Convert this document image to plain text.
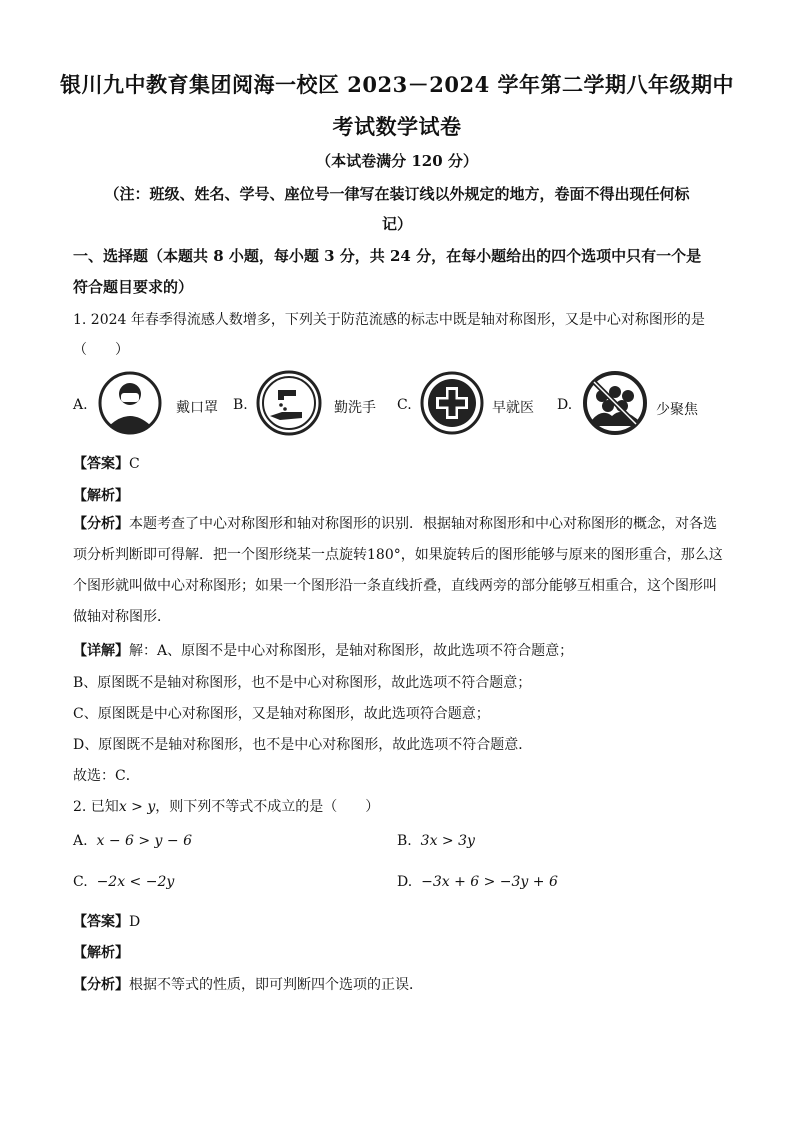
银川九中教育集团阅海一校区 2023－2024 学年第二学期八年级期中
考试数学试卷
（本试卷满分 120 分）
（注：班级、姓名、学号、座位号一律写在装订线以外规定的地方，卷面不得出现任何标
记）
一、选择题（本题共 8 小题，每小题 3 分，共 24 分，在每小题给出的四个选项中只有一个是
符合题目要求的）
1. 2024 年春季得流感人数增多，下列关于防范流感的标志中既是轴对称图形，又是中心对称图形的是
（　　）
A.	戴口罩 B.	勤洗手 C.	早就医 D.	少聚焦
【答案】C
【解析】
【分析】本题考查了中心对称图形和轴对称图形的识别．根据轴对称图形和中心对称图形的概念，对各选项分析判断即可得解．把一个图形绕某一点旋转180°，如果旋转后的图形能够与原来的图形重合，那么这个图形就叫做中心对称图形；如果一个图形沿一条直线折叠，直线两旁的部分能够互相重合，这个图形叫做轴对称图形．
【详解】解：A、原图不是中心对称图形，是轴对称图形，故此选项不符合题意；
B、原图既不是轴对称图形，也不是中心对称图形，故此选项不符合题意；
C、原图既是中心对称图形，又是轴对称图形，故此选项符合题意；
D、原图既不是轴对称图形，也不是中心对称图形，故此选项不符合题意．
故选：C．
2. 已知x > y，则下列不等式不成立的是（　　）
A. x − 6 > y − 6	B. 3x > 3y
C. −2x < −2y	D. −3x + 6 > −3y + 6
【答案】D
【解析】
【分析】根据不等式的性质，即可判断四个选项的正误．
